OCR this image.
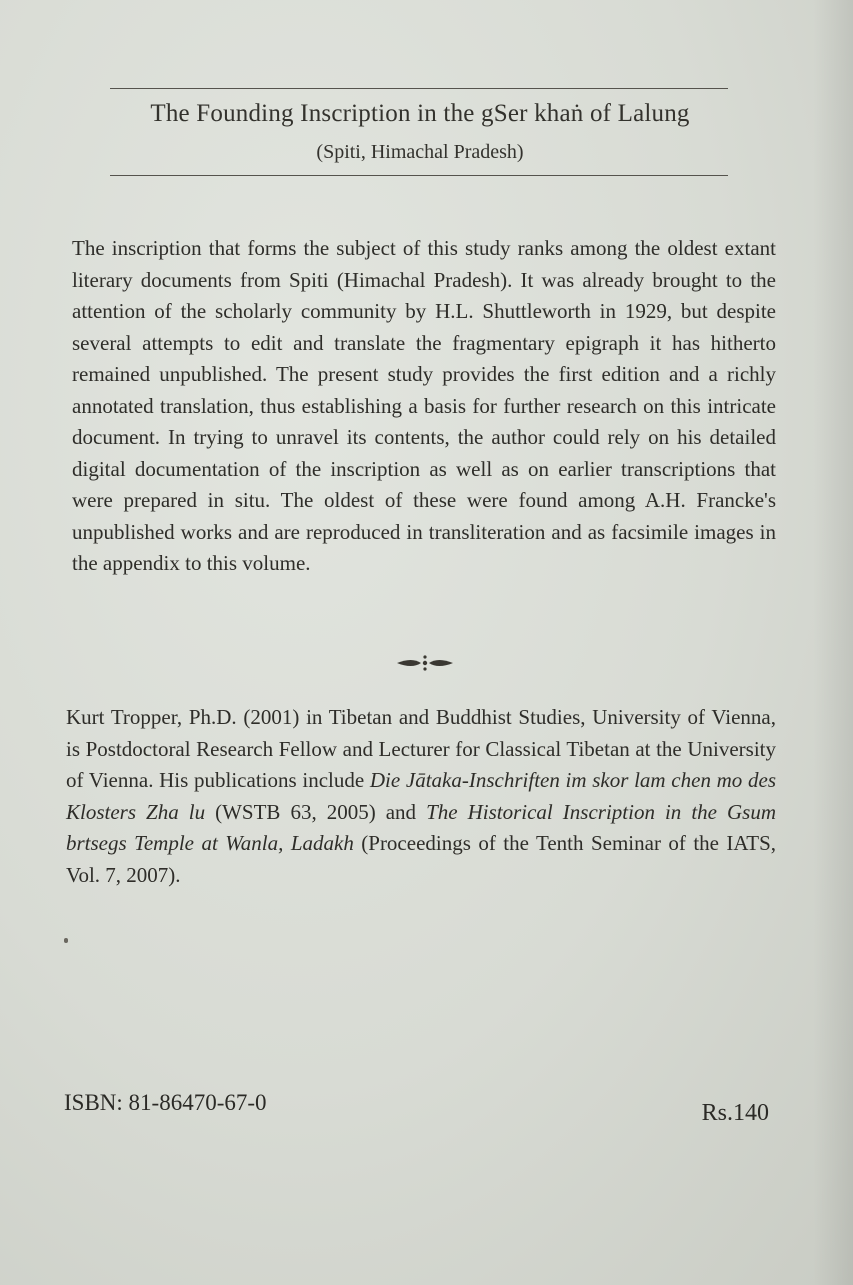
The Founding Inscription in the gSer khaṅ of Lalung
(Spiti, Himachal Pradesh)

The inscription that forms the subject of this study ranks among the oldest extant literary documents from Spiti (Himachal Pradesh). It was already brought to the attention of the scholarly community by H.L. Shuttleworth in 1929, but despite several attempts to edit and translate the fragmentary epigraph it has hitherto remained unpublished. The present study provides the first edition and a richly annotated translation, thus establishing a basis for further research on this intricate document. In trying to unravel its contents, the author could rely on his detailed digital documentation of the inscription as well as on earlier transcriptions that were prepared in situ. The oldest of these were found among A.H. Francke's unpublished works and are reproduced in transliteration and as facsimile images in the appendix to this volume.

Kurt Tropper, Ph.D. (2001) in Tibetan and Buddhist Studies, University of Vienna, is Postdoctoral Research Fellow and Lecturer for Classical Tibetan at the University of Vienna. His publications include Die Jātaka-Inschriften im skor lam chen mo des Klosters Zha lu (WSTB 63, 2005) and The Historical Inscription in the Gsum brtsegs Temple at Wanla, Ladakh (Proceedings of the Tenth Seminar of the IATS, Vol. 7, 2007).

ISBN: 81-86470-67-0	Rs.140
